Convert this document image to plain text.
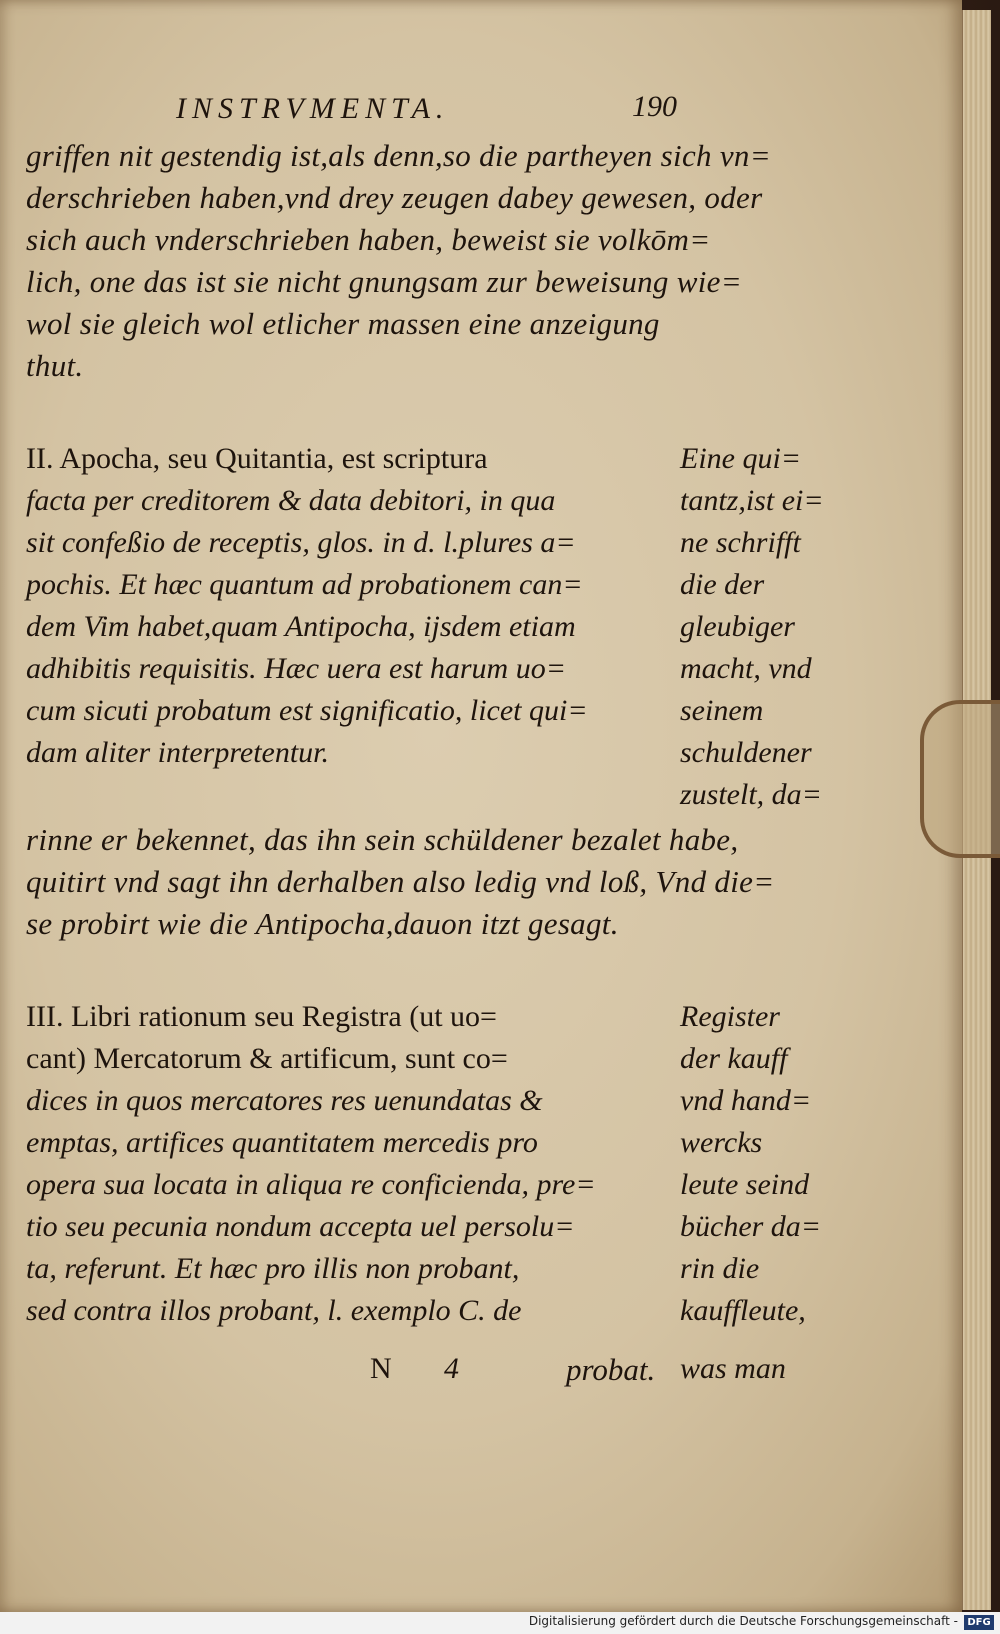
INSTRVMENTA.	190
griffen nit gestendig ist,als denn,so die partheyen sich vn=
derschrieben haben,vnd drey zeugen dabey gewesen, oder
sich auch vnderschrieben haben, beweist sie volkōm=
lich, one das ist sie nicht gnungsam zur beweisung wie=
wol sie gleich wol etlicher massen eine anzeigung
thut.
II. Apocha, seu Quitantia, est scriptura
facta per creditorem & data debitori, in qua
sit confeßio de receptis, glos. in d. l.plures a=
pochis. Et hæc quantum ad probationem can=
dem Vim habet,quam Antipocha, ijsdem etiam
adhibitis requisitis. Hæc uera est harum uo=
cum sicuti probatum est significatio, licet qui=
dam aliter interpretentur.
Eine qui=
tantz,ist ei=
ne schrifft
die der
gleubiger
macht, vnd
seinem
schuldener
zustelt, da=
rinne er bekennet, das ihn sein schüldener bezalet habe,
quitirt vnd sagt ihn derhalben also ledig vnd loß, Vnd die=
se probirt wie die Antipocha,dauon itzt gesagt.
III. Libri rationum seu Registra (ut uo=
cant) Mercatorum & artificum, sunt co=
dices in quos mercatores res uenundatas &
emptas, artifices quantitatem mercedis pro
opera sua locata in aliqua re conficienda, pre=
tio seu pecunia nondum accepta uel persolu=
ta, referunt. Et hæc pro illis non probant,
sed contra illos probant, l. exemplo C. de
Register
der kauff
vnd hand=
wercks
leute seind
bücher da=
rin die
kauffleute,
was man
N 4	probat.
Digitalisierung gefördert durch die Deutsche Forschungsgemeinschaft - DFG
